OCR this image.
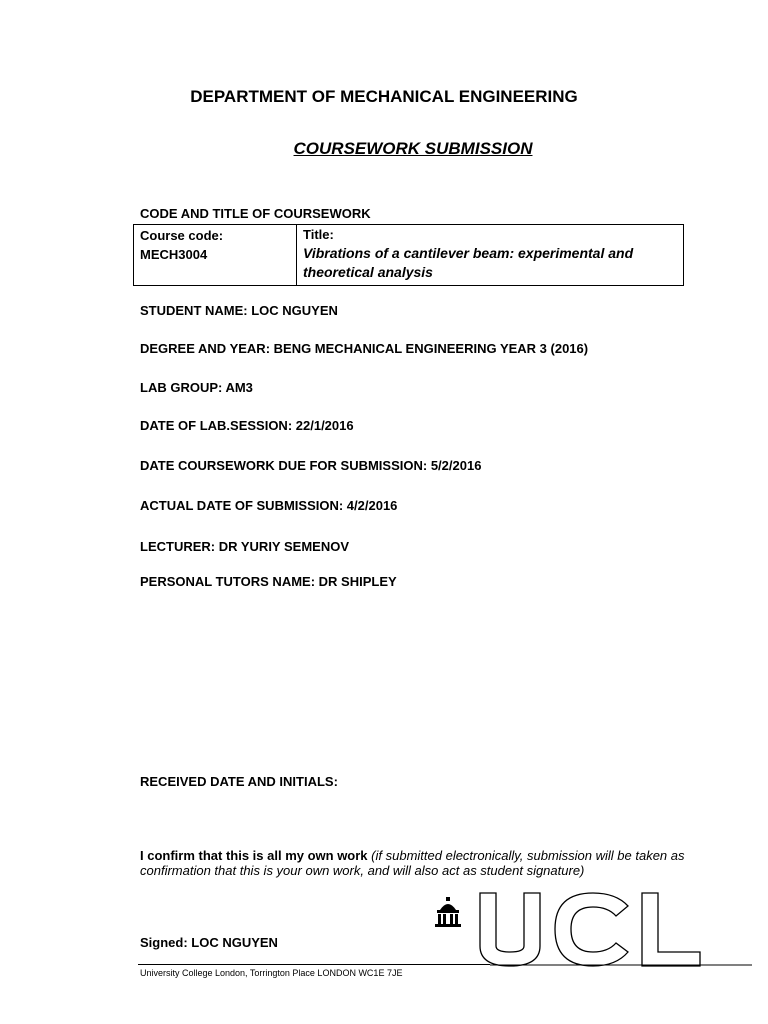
DEPARTMENT OF MECHANICAL ENGINEERING
COURSEWORK SUBMISSION
CODE AND TITLE OF COURSEWORK
Course code:
MECH3004

Title:
Vibrations of a cantilever beam: experimental and theoretical analysis
STUDENT NAME: LOC NGUYEN
DEGREE AND YEAR: BENG MECHANICAL ENGINEERING YEAR 3 (2016)
LAB GROUP: AM3
DATE OF LAB.SESSION: 22/1/2016
DATE COURSEWORK DUE FOR SUBMISSION: 5/2/2016
ACTUAL DATE OF SUBMISSION: 4/2/2016
LECTURER: DR YURIY SEMENOV
PERSONAL TUTORS NAME: DR SHIPLEY
RECEIVED DATE AND INITIALS:
I confirm that this is all my own work (if submitted electronically, submission will be taken as confirmation that this is your own work, and will also act as student signature)
Signed: LOC NGUYEN
University College London, Torrington Place LONDON WC1E 7JE
